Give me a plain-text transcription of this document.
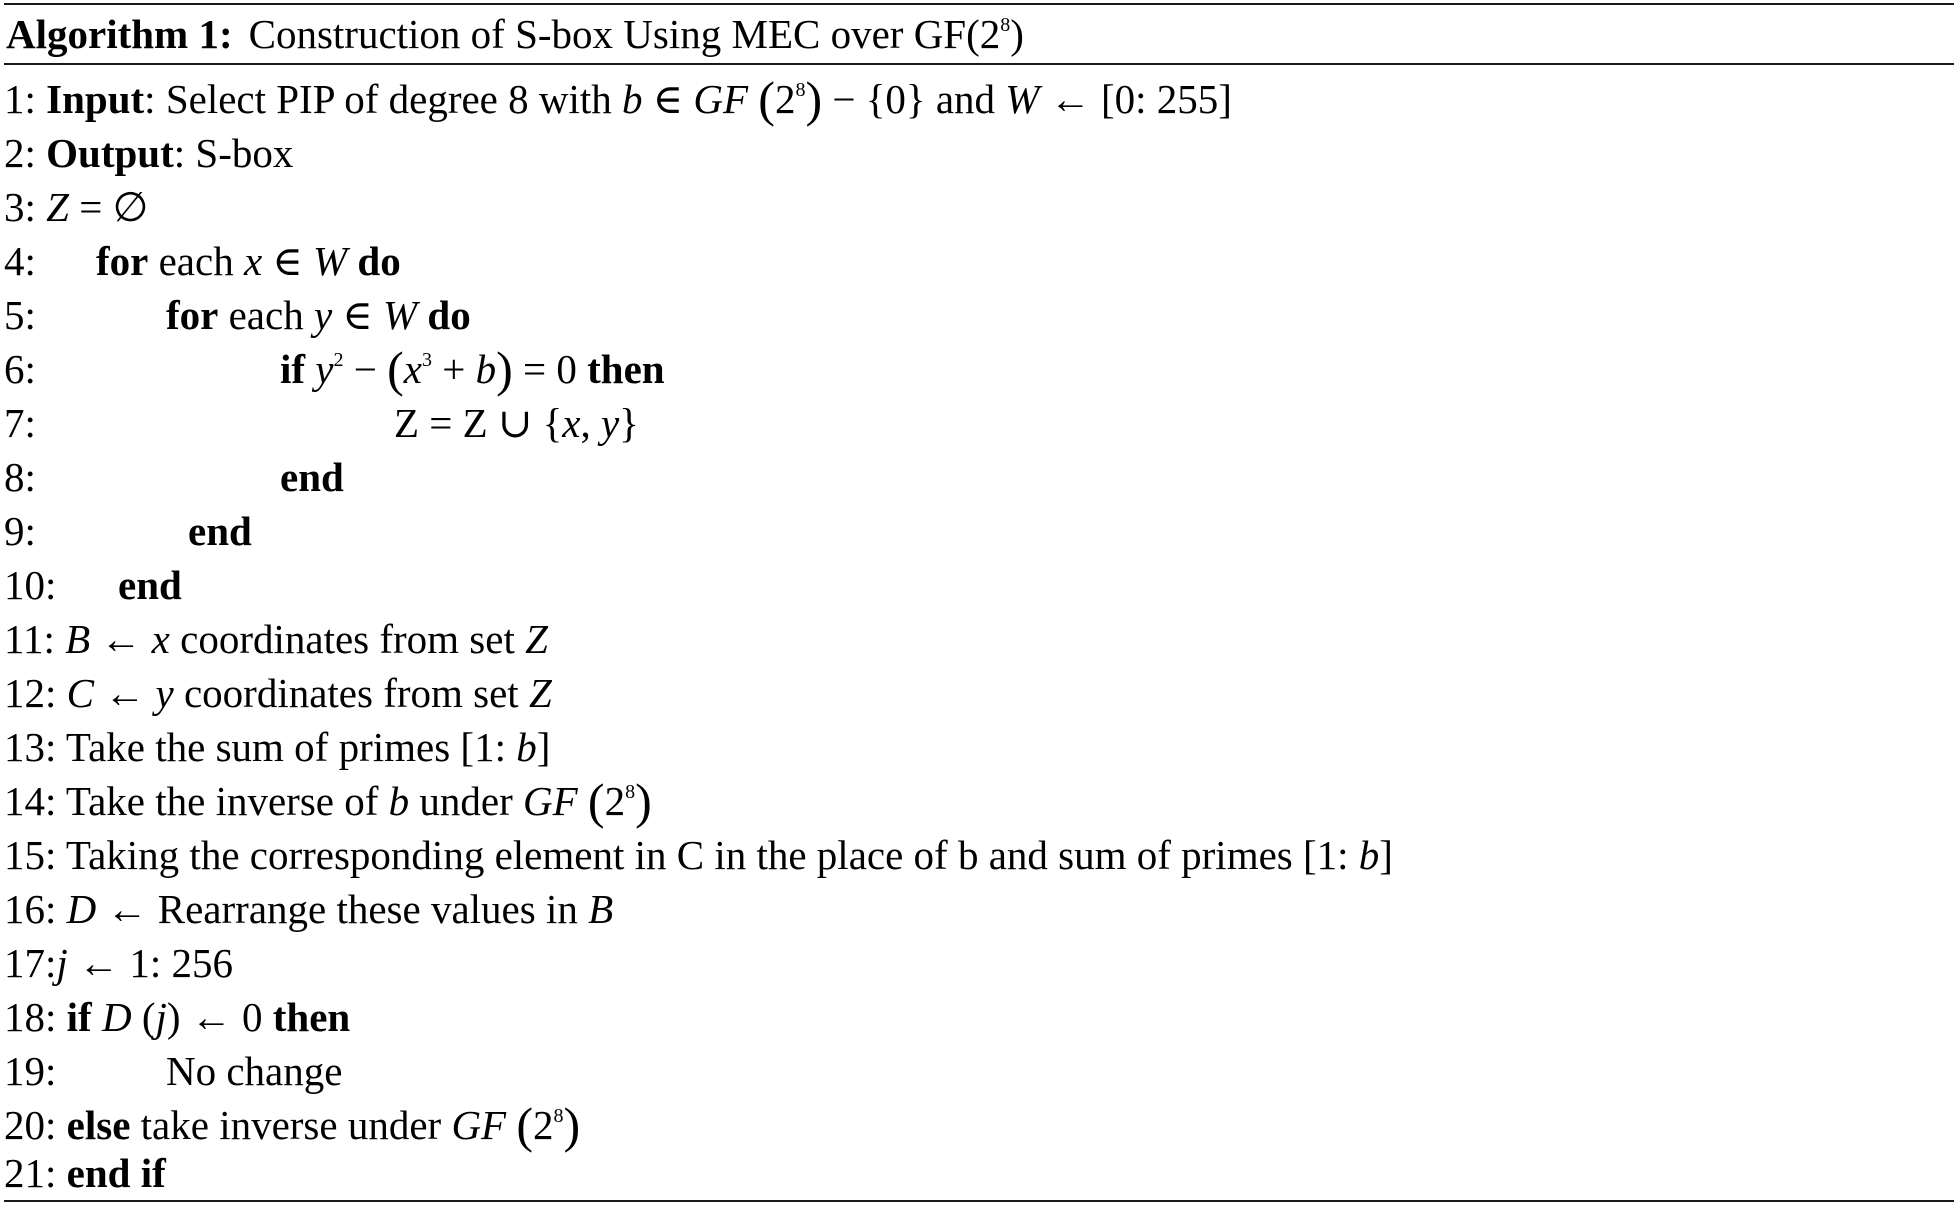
Algorithm 1: Construction of S-box Using MEC over $GF(2^8)$
1: Input: Select PIP of degree 8 with b ∈ GF $(2^8) - \{0\}$ and W ← [0: 255]
2: Output: S-box
3: Z = ∅
4: for each x ∈ W do
5:	for each y ∈ W do
6:	if $y^2 - (x^3 + b) = 0$ then
7:	Z = Z ∪ {x, y}
8:	end
9:	end
10: end
11: B ← x coordinates from set Z
12: C ← y coordinates from set Z
13: Take the sum of primes [1: b]
14: Take the inverse of b under GF $(2^8)$
15: Taking the corresponding element in C in the place of b and sum of primes [1: b]
16: D ← Rearrange these values in B
17:j ← 1: 256
18: if D (j) ← 0 then
19:	No change
20: else take inverse under GF $(2^8)$
21: end if
